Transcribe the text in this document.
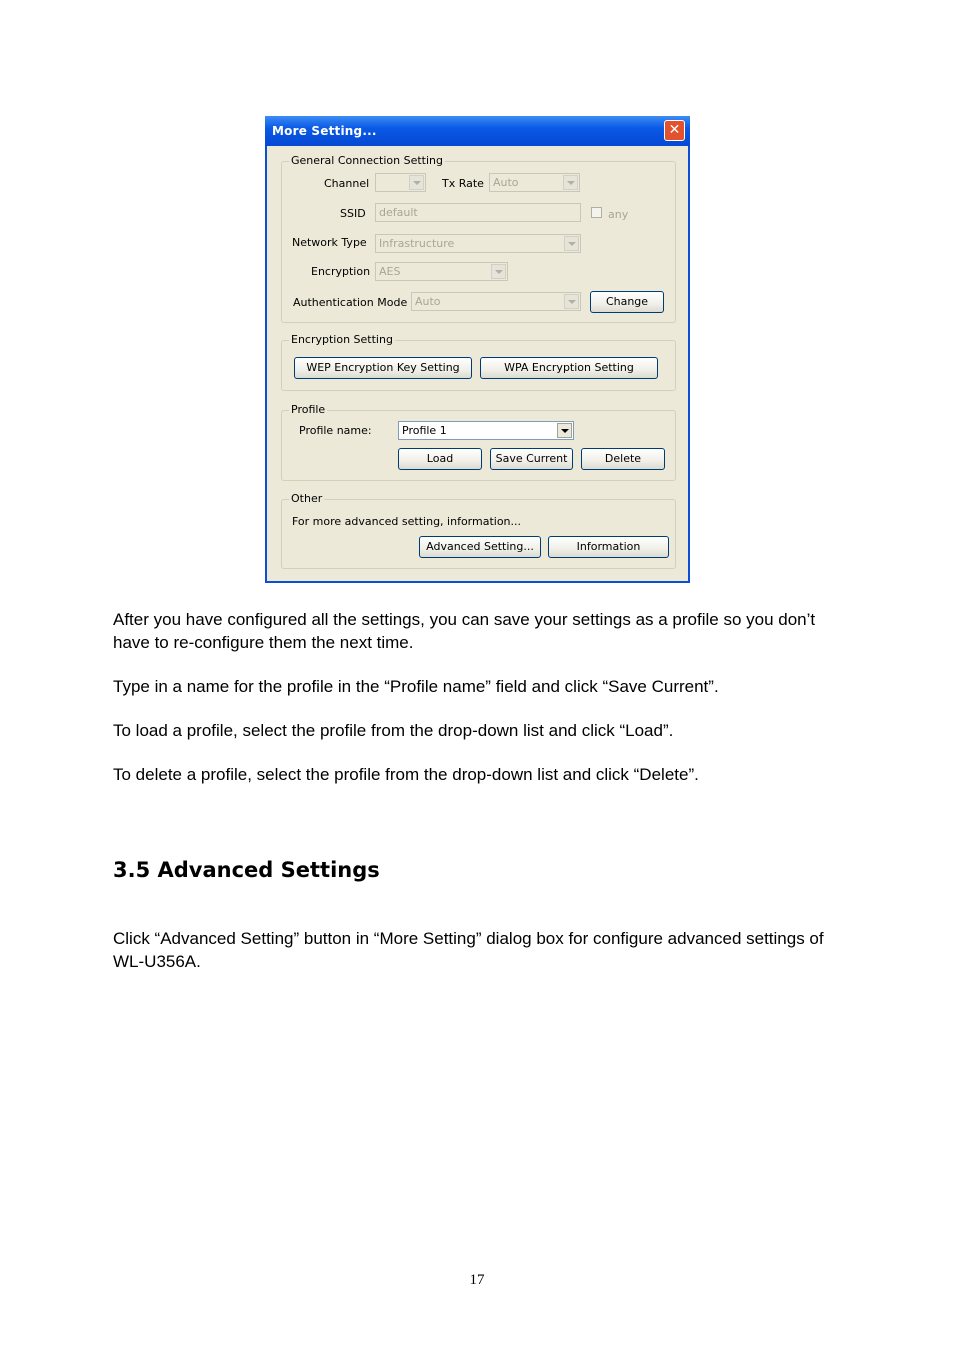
More Setting...	✕
General Connection Setting
Channel	Tx Rate Auto
SSID	default	any
Network Type	Infrastructure
Encryption AES
Authentication Mode Auto	Change
Encryption Setting
WEP Encryption Key Setting	WPA Encryption Setting
Profile
Profile name:	Profile 1
Load	Save Current	Delete
Other
For more advanced setting, information...
Advanced Setting...	Information

After you have configured all the settings, you can save your settings as a profile so you don’t have to re-configure them the next time.

Type in a name for the profile in the “Profile name” field and click “Save Current”.

To load a profile, select the profile from the drop-down list and click “Load”.

To delete a profile, select the profile from the drop-down list and click “Delete”.

3.5 Advanced Settings

Click “Advanced Setting” button in “More Setting” dialog box for configure advanced settings of WL-U356A.

17
